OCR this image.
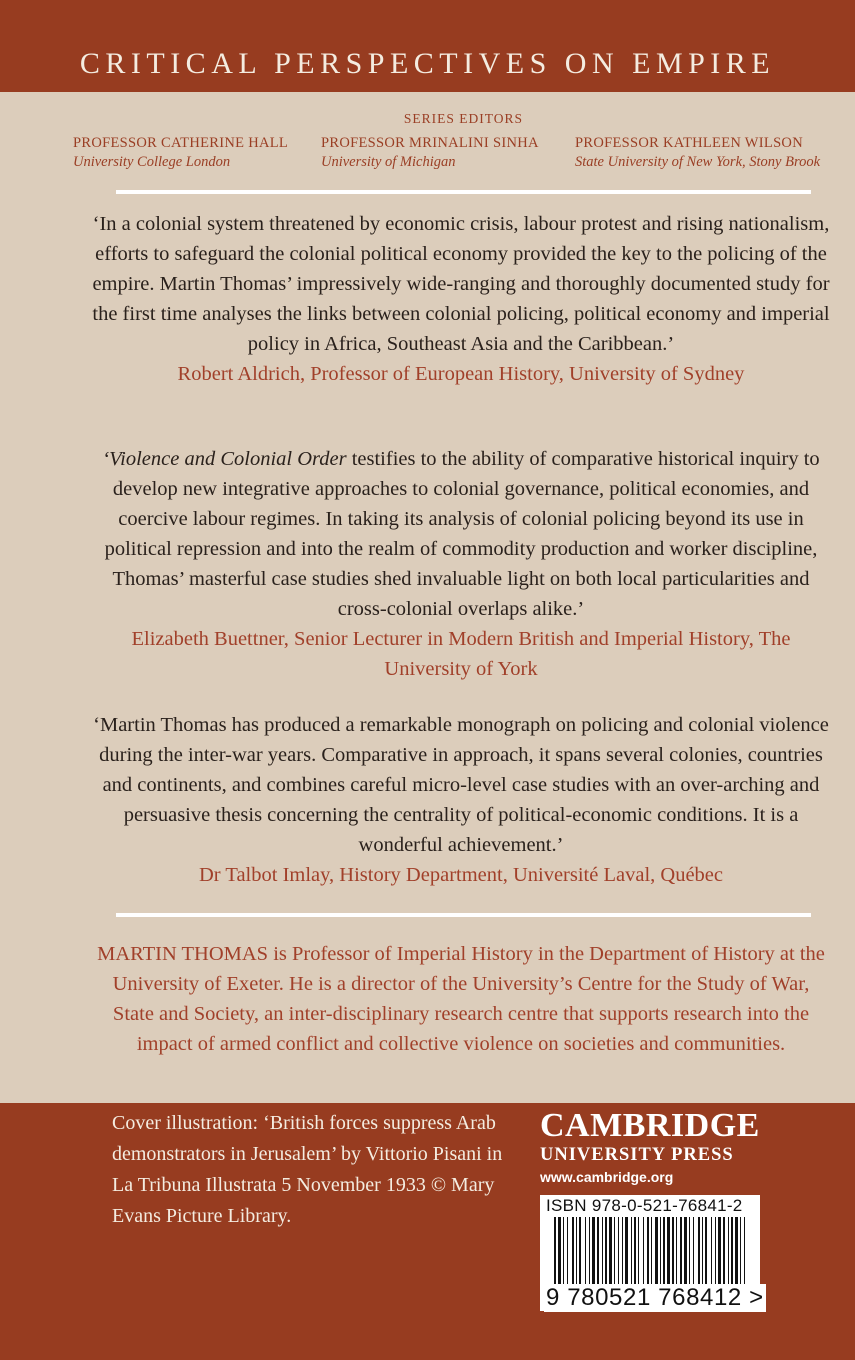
CRITICAL PERSPECTIVES ON EMPIRE
SERIES EDITORS
PROFESSOR CATHERINE HALL
University College London
PROFESSOR MRINALINI SINHA
University of Michigan
PROFESSOR KATHLEEN WILSON
State University of New York, Stony Brook

‘In a colonial system threatened by economic crisis, labour protest and rising nationalism, efforts to safeguard the colonial political economy provided the key to the policing of the empire. Martin Thomas’ impressively wide-ranging and thoroughly documented study for the first time analyses the links between colonial policing, political economy and imperial policy in Africa, Southeast Asia and the Caribbean.’

Robert Aldrich, Professor of European History, University of Sydney

‘Violence and Colonial Order testifies to the ability of comparative historical inquiry to develop new integrative approaches to colonial governance, political economies, and coercive labour regimes. In taking its analysis of colonial policing beyond its use in political repression and into the realm of commodity production and worker discipline, Thomas’ masterful case studies shed invaluable light on both local particularities and cross-colonial overlaps alike.’

Elizabeth Buettner, Senior Lecturer in Modern British and Imperial History, The University of York

‘Martin Thomas has produced a remarkable monograph on policing and colonial violence during the inter-war years. Comparative in approach, it spans several colonies, countries and continents, and combines careful micro-level case studies with an over-arching and persuasive thesis concerning the centrality of political-economic conditions. It is a wonderful achievement.’

Dr Talbot Imlay, History Department, Université Laval, Québec

MARTIN THOMAS is Professor of Imperial History in the Department of History at the University of Exeter. He is a director of the University’s Centre for the Study of War, State and Society, an inter-disciplinary research centre that supports research into the impact of armed conflict and collective violence on societies and communities.

Cover illustration: ‘British forces suppress Arab demonstrators in Jerusalem’ by Vittorio Pisani in La Tribuna Illustrata 5 November 1933 © Mary Evans Picture Library.

CAMBRIDGE
UNIVERSITY PRESS
www.cambridge.org
ISBN 978-0-521-76841-2
9 780521 768412 >
